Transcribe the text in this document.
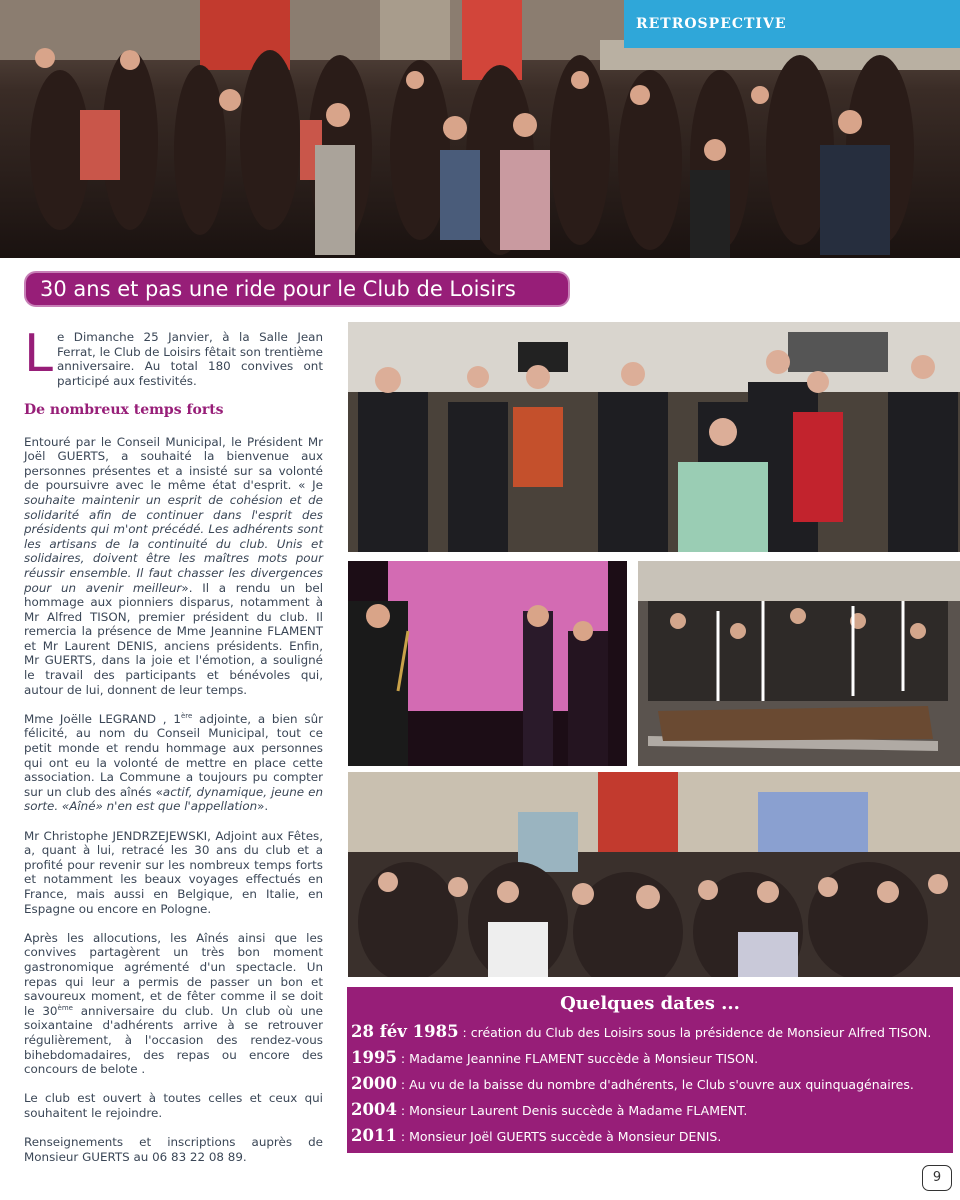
RETROSPECTIVE
30 ans et pas une ride pour le Club de Loisirs

Le Dimanche 25 Janvier, à la Salle Jean Ferrat, le Club de Loisirs fêtait son trentième anniversaire. Au total 180 convives ont participé aux festivités.

De nombreux temps forts

Entouré par le Conseil Municipal, le Président Mr Joël GUERTS, a souhaité la bienvenue aux personnes présentes et a insisté sur sa volonté de poursuivre avec le même état d'esprit. « Je souhaite maintenir un esprit de cohésion et de solidarité afin de continuer dans l'esprit des présidents qui m'ont précédé. Les adhérents sont les artisans de la continuité du club. Unis et solidaires, doivent être les maîtres mots pour réussir ensemble. Il faut chasser les divergences pour un avenir meilleur». Il a rendu un bel hommage aux pionniers disparus, notamment à Mr Alfred TISON, premier président du club. Il remercia la présence de Mme Jeannine FLAMENT et Mr Laurent DENIS, anciens présidents. Enfin, Mr GUERTS, dans la joie et l'émotion, a souligné le travail des participants et bénévoles qui, autour de lui, donnent de leur temps.

Mme Joëlle LEGRAND , 1ère adjointe, a bien sûr félicité, au nom du Conseil Municipal, tout ce petit monde et rendu hommage aux personnes qui ont eu la volonté de mettre en place cette association. La Commune a toujours pu compter sur un club des aînés «actif, dynamique, jeune en sorte. «Aîné» n'en est que l'appellation».

Mr Christophe JENDRZEJEWSKI, Adjoint aux Fêtes, a, quant à lui, retracé les 30 ans du club et a profité pour revenir sur les nombreux temps forts et notamment les beaux voyages effectués en France, mais aussi en Belgique, en Italie, en Espagne ou encore en Pologne.

Après les allocutions, les Aînés ainsi que les convives partagèrent un très bon moment gastronomique agrémenté d'un spectacle. Un repas qui leur a permis de passer un bon et savoureux moment, et de fêter comme il se doit le 30ème anniversaire du club. Un club où une soixantaine d'adhérents arrive à se retrouver régulièrement, à l'occasion des rendez-vous bihebdomadaires, des repas ou encore des concours de belote .

Le club est ouvert à toutes celles et ceux qui souhaitent le rejoindre.

Renseignements et inscriptions auprès de Monsieur GUERTS au 06 83 22 08 89.

Quelques dates ...
28 fév 1985 : création du Club des Loisirs sous la présidence de Monsieur Alfred TISON.
1995 : Madame Jeannine FLAMENT succède à Monsieur TISON.
2000 : Au vu de la baisse du nombre d'adhérents, le Club s'ouvre aux quinquagénaires.
2004 : Monsieur Laurent Denis succède à Madame FLAMENT.
2011 : Monsieur Joël GUERTS succède à Monsieur DENIS.
9
